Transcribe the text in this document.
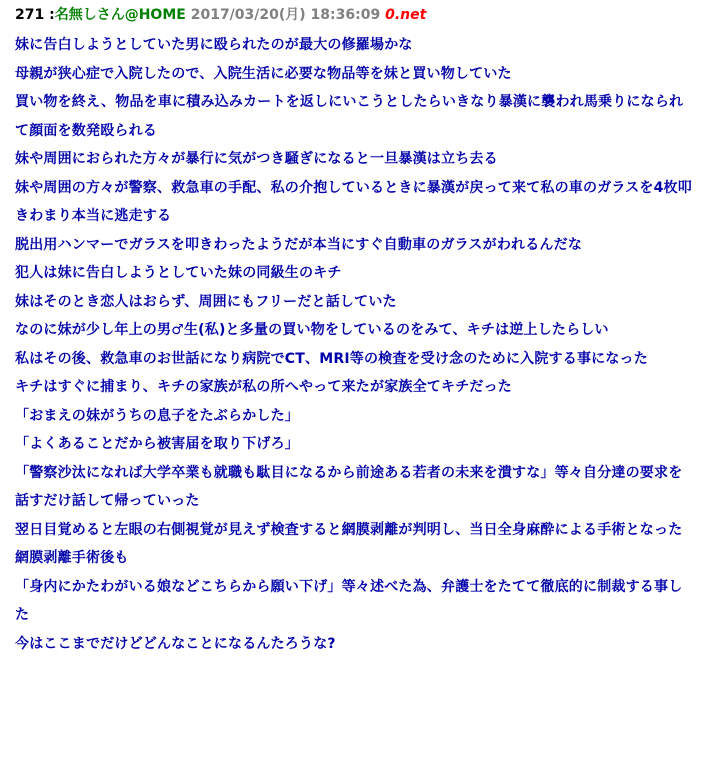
271 :名無しさん@HOME 2017/03/20(月) 18:36:09 0.net
妹に告白しようとしていた男に殴られたのが最大の修羅場かな
母親が狭心症で入院したので、入院生活に必要な物品等を妹と買い物していた
買い物を終え、物品を車に積み込みカートを返しにいこうとしたらいきなり暴漢に襲われ馬乗りになられて顔面を数発殴られる
妹や周囲におられた方々が暴行に気がつき騒ぎになると一旦暴漢は立ち去る
妹や周囲の方々が警察、救急車の手配、私の介抱しているときに暴漢が戻って来て私の車のガラスを4枚叩きわまり本当に逃走する
脱出用ハンマーでガラスを叩きわったようだが本当にすぐ自動車のガラスがわれるんだな
犯人は妹に告白しようとしていた妹の同級生のキチ
妹はそのとき恋人はおらず、周囲にもフリーだと話していた
なのに妹が少し年上の男♂生(私)と多量の買い物をしているのをみて、キチは逆上したらしい
私はその後、救急車のお世話になり病院でCT、MRI等の検査を受け念のために入院する事になった
キチはすぐに捕まり、キチの家族が私の所へやって来たが家族全てキチだった
「おまえの妹がうちの息子をたぶらかした」
「よくあることだから被害届を取り下げろ」
「警察沙汰になれば大学卒業も就職も駄目になるから前途ある若者の未来を潰すな」等々自分達の要求を話すだけ話して帰っていった
翌日目覚めると左眼の右側視覚が見えず検査すると網膜剥離が判明し、当日全身麻酔による手術となった
網膜剥離手術後も
「身内にかたわがいる娘などこちらから願い下げ」等々述べた為、弁護士をたてて徹底的に制裁する事した
今はここまでだけどどんなことになるんたろうな?
